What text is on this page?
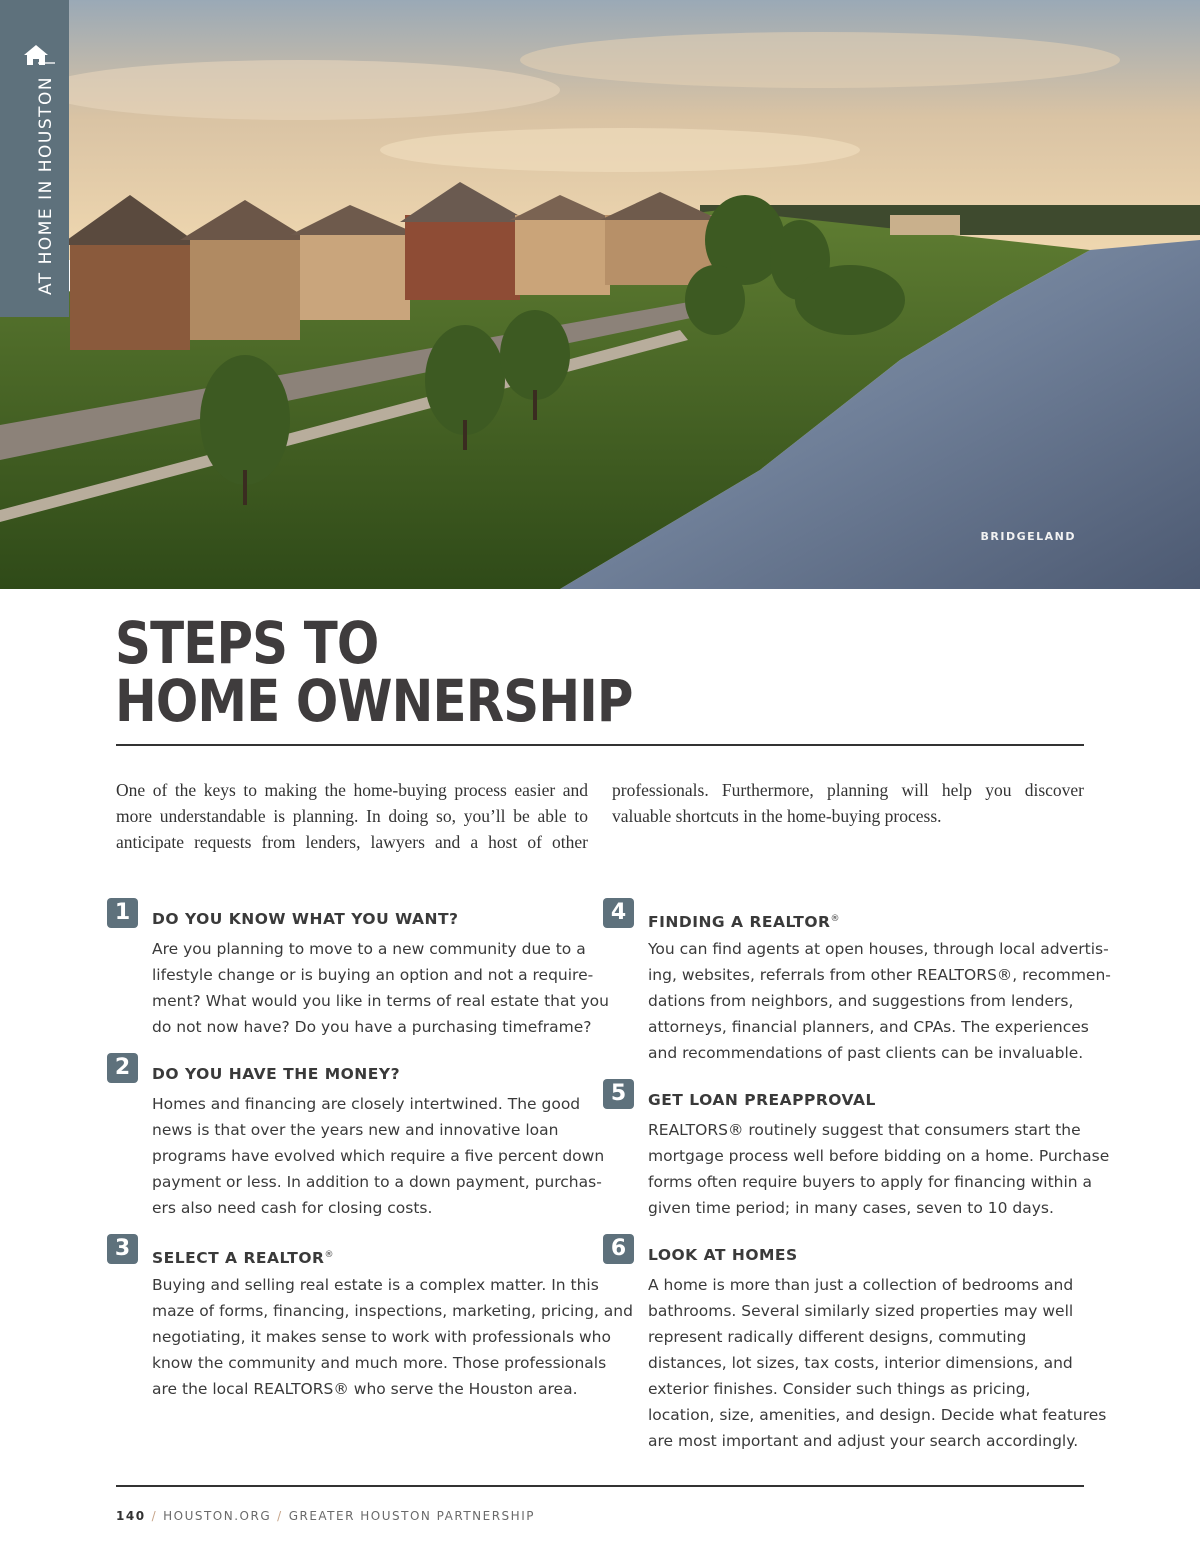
BRIDGELAND
AT HOME IN HOUSTON|
STEPS TO
HOME OWNERSHIP

One of the keys to making the home-buying process easier and more understandable is planning. In doing so, you’ll be able to anticipate requests from lenders, lawyers and a host of other professionals. Furthermore, planning will help you discover valuable shortcuts in the home-buying process.

1	DO YOU KNOW WHAT YOU WANT?
Are you planning to move to a new community due to a
lifestyle change or is buying an option and not a require-
ment? What would you like in terms of real estate that you
do not now have? Do you have a purchasing timeframe?
2	DO YOU HAVE THE MONEY?
Homes and financing are closely intertwined. The good
news is that over the years new and innovative loan
programs have evolved which require a five percent down
payment or less. In addition to a down payment, purchas-
ers also need cash for closing costs.
3	SELECT A REALTOR®
Buying and selling real estate is a complex matter. In this
maze of forms, financing, inspections, marketing, pricing, and
negotiating, it makes sense to work with professionals who
know the community and much more. Those professionals
are the local REALTORS® who serve the Houston area.
4	FINDING A REALTOR®
You can find agents at open houses, through local advertis-
ing, websites, referrals from other REALTORS®, recommen-
dations from neighbors, and suggestions from lenders,
attorneys, financial planners, and CPAs. The experiences
and recommendations of past clients can be invaluable.
5	GET LOAN PREAPPROVAL
REALTORS® routinely suggest that consumers start the
mortgage process well before bidding on a home. Purchase
forms often require buyers to apply for financing within a
given time period; in many cases, seven to 10 days.
6	LOOK AT HOMES
A home is more than just a collection of bedrooms and
bathrooms. Several similarly sized properties may well
represent radically different designs, commuting
distances, lot sizes, tax costs, interior dimensions, and
exterior finishes. Consider such things as pricing,
location, size, amenities, and design. Decide what features
are most important and adjust your search accordingly.
140 / HOUSTON.ORG / GREATER HOUSTON PARTNERSHIP
